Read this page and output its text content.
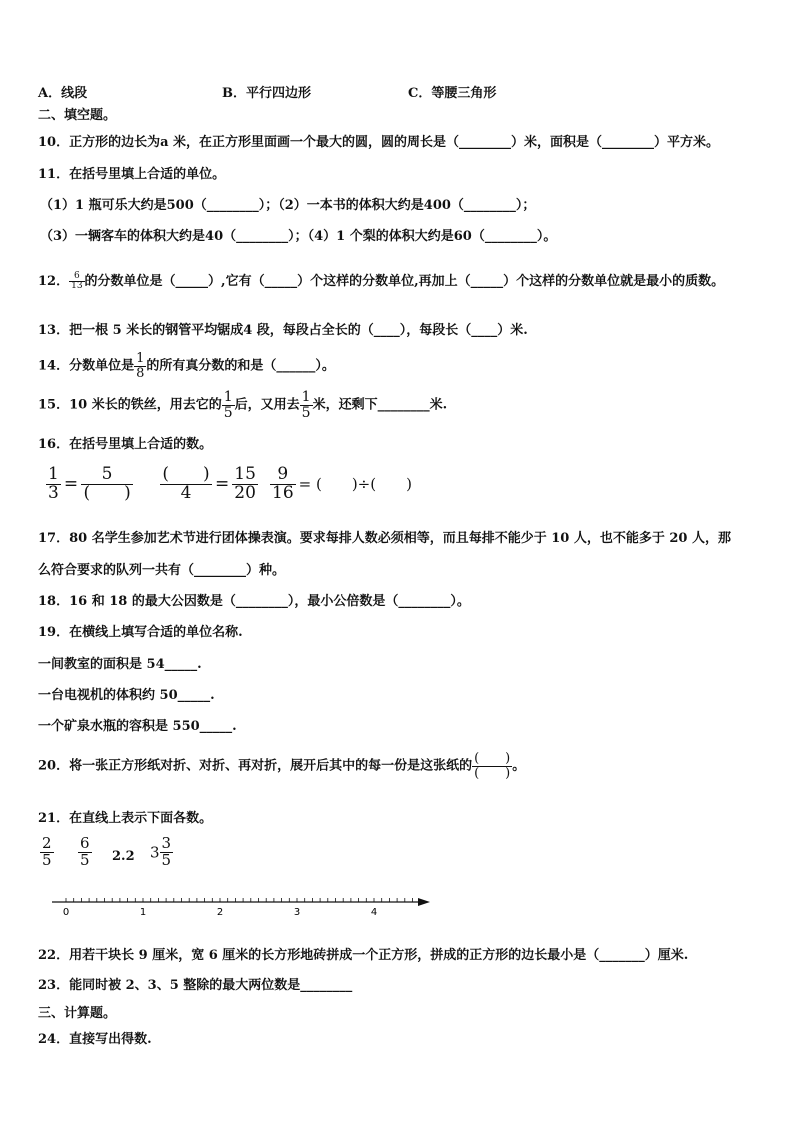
A．线段	B．平行四边形	C．等腰三角形
二、填空题。
10．正方形的边长为a 米，在正方形里面画一个最大的圆，圆的周长是（________）米，面积是（________）平方米。
11．在括号里填上合适的单位。
（1）1 瓶可乐大约是500（________）；（2）一本书的体积大约是400（________）；
（3）一辆客车的体积大约是40（________）；（4）1 个梨的体积大约是60（________）。
12． $\frac{6}{13}$ 的分数单位是（_____）,它有（_____）个这样的分数单位,再加上（_____）个这样的分数单位就是最小的质数。
13．把一根 5 米长的钢管平均锯成4 段，每段占全长的（____），每段长（____）米.
14．分数单位是 $\frac{1}{8}$ 的所有真分数的和是（______）。
15．10 米长的铁丝，用去它的 $\frac{1}{5}$ 后，又用去 $\frac{1}{5}$ 米，还剩下________米.
16．在括号里填上合适的数。
$\frac{1}{3} = \frac{5}{( )} \frac{( )}{4} = \frac{15}{20} \frac{9}{16}$ = (　　)÷(　　)
17．80 名学生参加艺术节进行团体操表演。要求每排人数必须相等，而且每排不能少于 10 人，也不能多于 20 人，那
么符合要求的队列一共有（________）种。
18．16 和 18 的最大公因数是（________），最小公倍数是（________）。
19．在横线上填写合适的单位名称.
一间教室的面积是 54_____.
一台电视机的体积约 50_____.
一个矿泉水瓶的容积是 550_____.
20．将一张正方形纸对折、对折、再对折，展开后其中的每一份是这张纸的 $\frac{( )}{( )}$ 。
21．在直线上表示下面各数。
$\frac{2}{5} \frac{6}{5} 2.2$ $3 \frac{3}{5}$
0	1	2	3	4
22．用若干块长 9 厘米，宽 6 厘米的长方形地砖拼成一个正方形，拼成的正方形的边长最小是（_______）厘米.
23．能同时被 2、3、5 整除的最大两位数是________
三、计算题。
24．直接写出得数.
